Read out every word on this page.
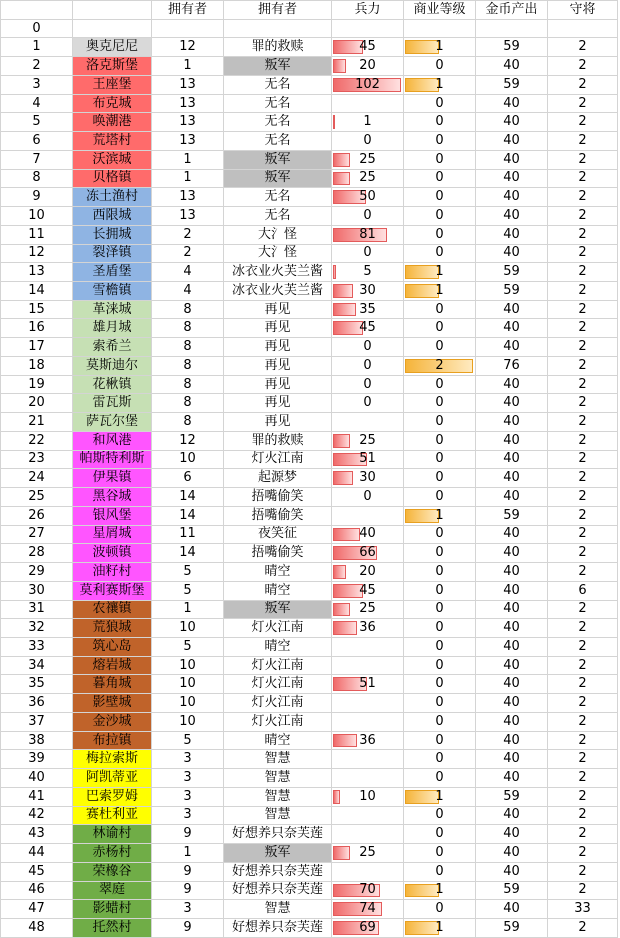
		拥有者	拥有者	兵力	商业等级	金币产出	守将
0							
1	奥克尼尼	12	罪的救赎	45	1	59	2
2	洛克斯堡	1	叛军	20	0	40	2
3	王座堡	13	无名	102	1	59	2
4	布克城	13	无名		0	40	2
5	唤潮港	13	无名	1	0	40	2
6	荒塔村	13	无名	0	0	40	2
7	沃滨城	1	叛军	25	0	40	2
8	贝格镇	1	叛军	25	0	40	2
9	冻土渔村	13	无名	50	0	40	2
10	西限城	13	无名	0	0	40	2
11	长拥城	2	大氵怪	81	0	40	2
12	裂泽镇	2	大氵怪	0	0	40	2
13	圣盾堡	4	冰衣业火芙兰酱	5	1	59	2
14	雪檐镇	4	冰衣业火芙兰酱	30	1	59	2
15	革涞城	8	再见	35	0	40	2
16	雄月城	8	再见	45	0	40	2
17	索希兰	8	再见	0	0	40	2
18	莫斯迪尔	8	再见	0	2	76	2
19	花楸镇	8	再见	0	0	40	2
20	雷瓦斯	8	再见	0	0	40	2
21	萨瓦尔堡	8	再见		0	40	2
22	和风港	12	罪的救赎	25	0	40	2
23	帕斯特利斯	10	灯火江南	51	0	40	2
24	伊果镇	6	起源梦	30	0	40	2
25	黑谷城	14	捂嘴偷笑	0	0	40	2
26	银风堡	14	捂嘴偷笑		1	59	2
27	星屑城	11	夜笑征	40	0	40	2
28	波顿镇	14	捂嘴偷笑	66	0	40	2
29	油籽村	5	晴空	20	0	40	2
30	莫利赛斯堡	5	晴空	45	0	40	6
31	农禳镇	1	叛军	25	0	40	2
32	荒狼城	10	灯火江南	36	0	40	2
33	筑心岛	5	晴空		0	40	2
34	熔岩城	10	灯火江南		0	40	2
35	暮角城	10	灯火江南	51	0	40	2
36	影壁城	10	灯火江南		0	40	2
37	金沙城	10	灯火江南		0	40	2
38	布拉镇	5	晴空	36	0	40	2
39	梅拉索斯	3	智慧		0	40	2
40	阿凯蒂亚	3	智慧		0	40	2
41	巴索罗姆	3	智慧	10	1	59	2
42	赛杜利亚	3	智慧		0	40	2
43	林谕村	9	好想养只奈芙莲		0	40	2
44	赤杨村	1	叛军	25	0	40	2
45	荣橡谷	9	好想养只奈芙莲		0	40	2
46	翠庭	9	好想养只奈芙莲	70	1	59	2
47	影蜡村	3	智慧	74	0	40	33
48	托然村	9	好想养只奈芙莲	69	1	59	2
